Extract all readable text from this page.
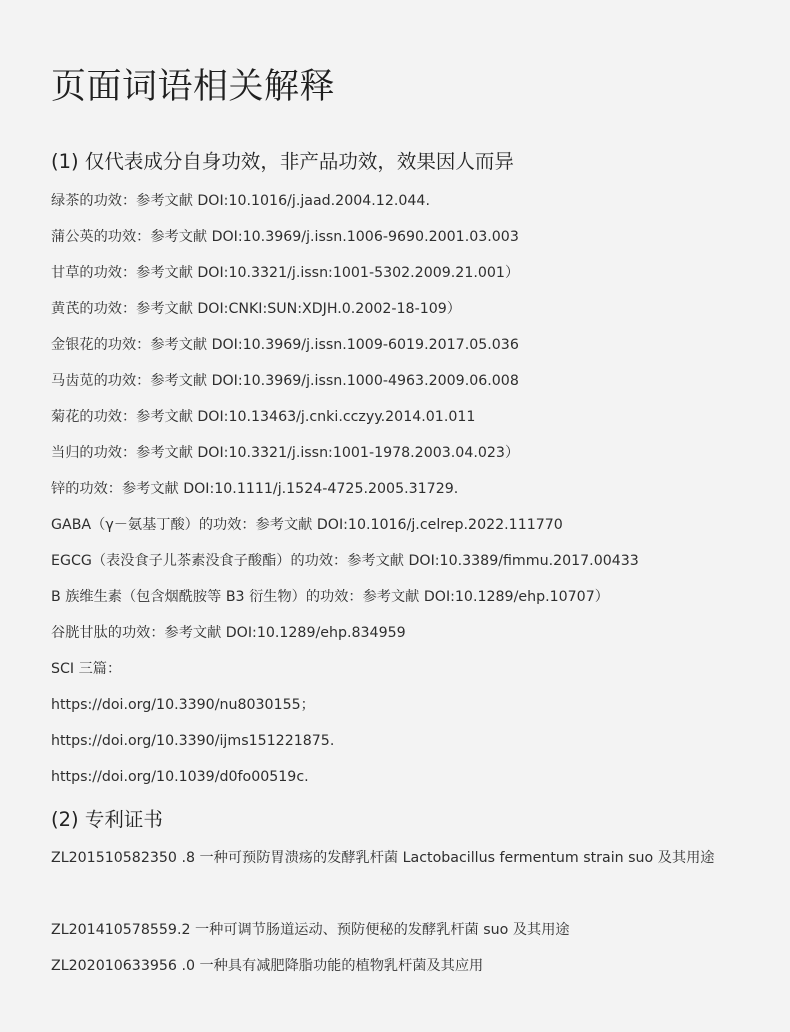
页面词语相关解释
(1) 仅代表成分自身功效，非产品功效，效果因人而异

绿茶的功效：参考文献 DOI:10.1016/j.jaad.2004.12.044.

蒲公英的功效：参考文献 DOI:10.3969/j.issn.1006-9690.2001.03.003

甘草的功效：参考文献 DOI:10.3321/j.issn:1001-5302.2009.21.001）

黄芪的功效：参考文献 DOI:CNKI:SUN:XDJH.0.2002-18-109）

金银花的功效：参考文献 DOI:10.3969/j.issn.1009-6019.2017.05.036

马齿苋的功效：参考文献 DOI:10.3969/j.issn.1000-4963.2009.06.008

菊花的功效：参考文献 DOI:10.13463/j.cnki.cczyy.2014.01.011

当归的功效：参考文献 DOI:10.3321/j.issn:1001-1978.2003.04.023）

锌的功效：参考文献 DOI:10.1111/j.1524-4725.2005.31729.

GABA（γ－氨基丁酸）的功效：参考文献 DOI:10.1016/j.celrep.2022.111770

EGCG（表没食子儿茶素没食子酸酯）的功效：参考文献 DOI:10.3389/fimmu.2017.00433

B 族维生素（包含烟酰胺等 B3 衍生物）的功效：参考文献 DOI:10.1289/ehp.10707）

谷胱甘肽的功效：参考文献 DOI:10.1289/ehp.834959

SCI 三篇：

https://doi.org/10.3390/nu8030155；

https://doi.org/10.3390/ijms151221875.

https://doi.org/10.1039/d0fo00519c.

(2) 专利证书

ZL201510582350 .8 一种可预防胃溃疡的发酵乳杆菌 Lactobacillus fermentum strain suo 及其用途

ZL201410578559.2 一种可调节肠道运动、预防便秘的发酵乳杆菌 suo 及其用途

ZL202010633956 .0 一种具有减肥降脂功能的植物乳杆菌及其应用
